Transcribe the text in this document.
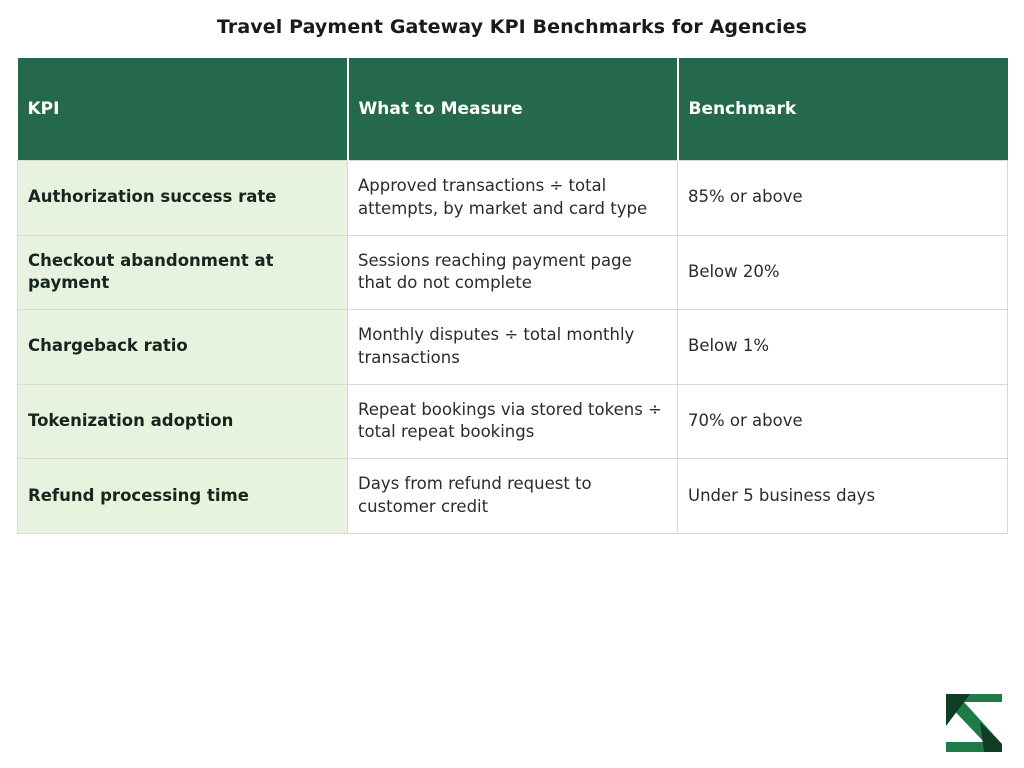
Travel Payment Gateway KPI Benchmarks for Agencies
KPI	What to Measure	Benchmark
Authorization success rate	Approved transactions ÷ total attempts, by market and card type	85% or above
Checkout abandonment at payment	Sessions reaching payment page that do not complete	Below 20%
Chargeback ratio	Monthly disputes ÷ total monthly transactions	Below 1%
Tokenization adoption	Repeat bookings via stored tokens ÷ total repeat bookings	70% or above
Refund processing time	Days from refund request to customer credit	Under 5 business days
